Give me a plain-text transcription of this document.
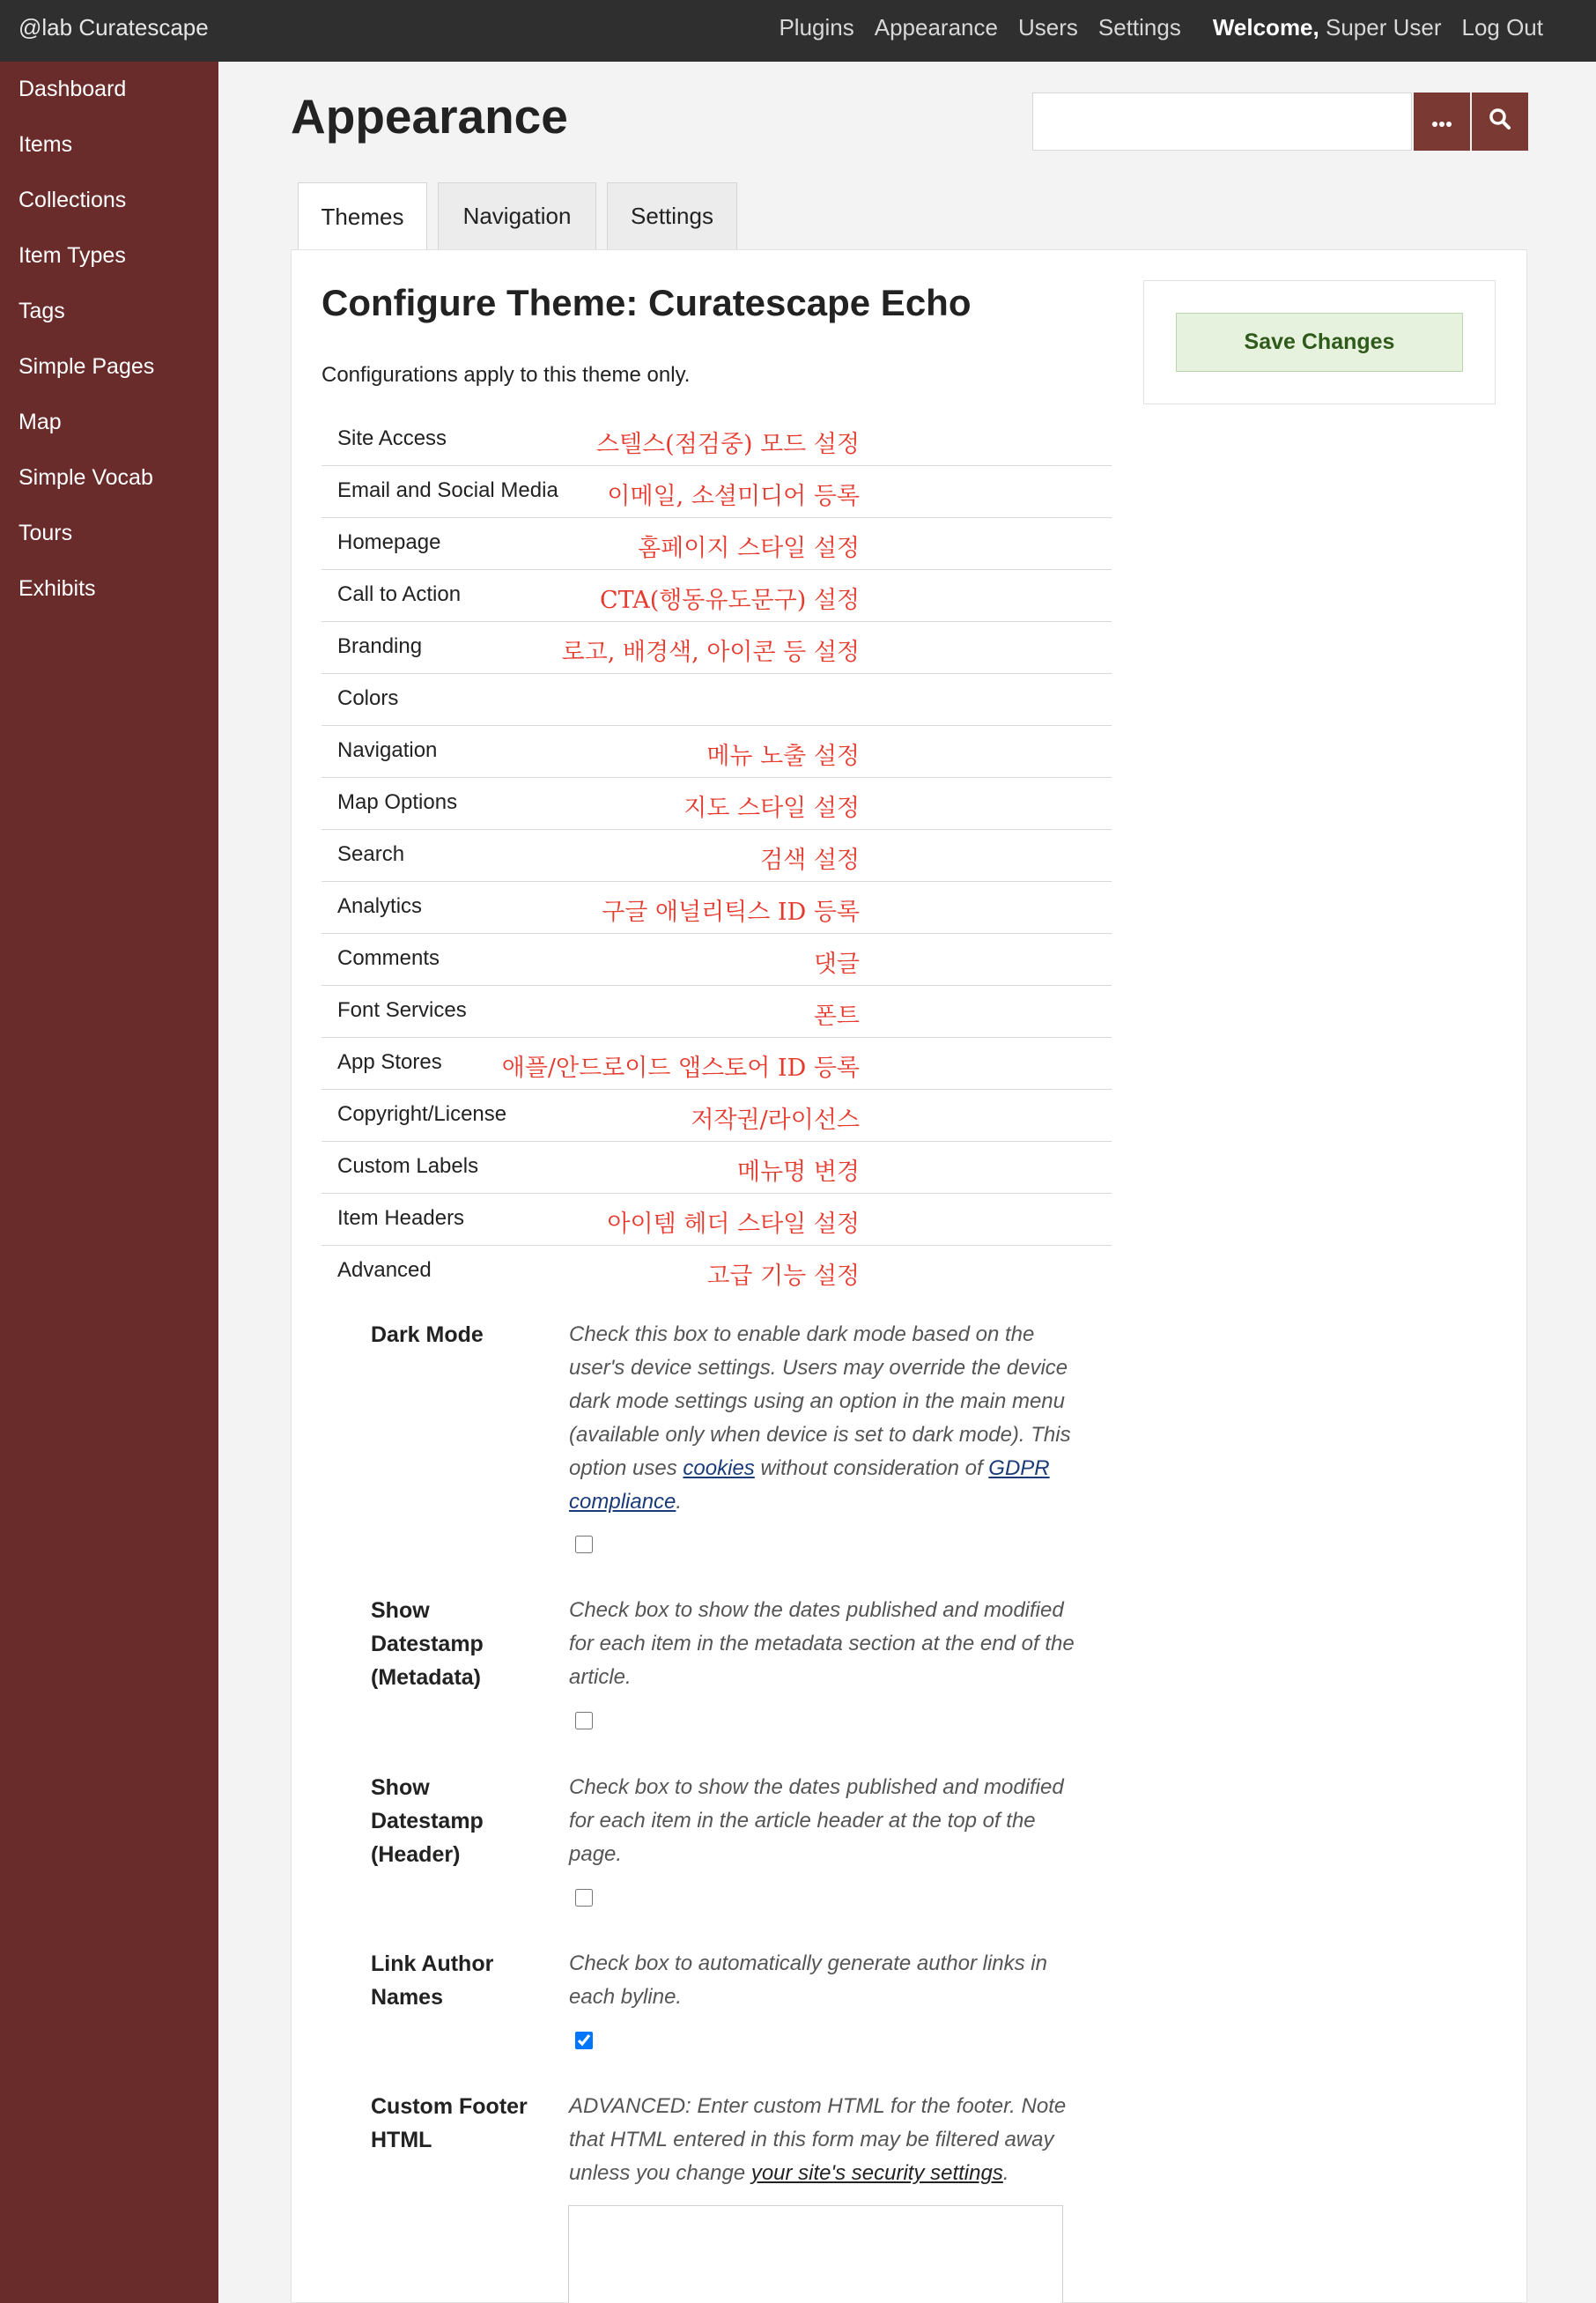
@lab Curatescape	Plugins Appearance Users Settings Welcome, Super User Log Out
Dashboard
Items
Collections
Item Types
Tags
Simple Pages
Map
Simple Vocab
Tours
Exhibits
Appearance
Themes	Navigation	Settings
Configure Theme: Curatescape Echo

Configurations apply to this theme only.

Site Access	스텔스(점검중) 모드 설정
Email and Social Media 이메일, 소셜미디어 등록
Homepage	홈페이지 스타일 설정
Call to Action	CTA(행동유도문구) 설정
Branding	로고, 배경색, 아이콘 등 설정
Colors
Navigation	메뉴 노출 설정
Map Options	지도 스타일 설정
Search	검색 설정
Analytics	구글 애널리틱스 ID 등록
Comments	댓글
Font Services	폰트
App Stores	애플/안드로이드 앱스토어 ID 등록
Copyright/License	저작권/라이선스
Custom Labels	메뉴명 변경
Item Headers	아이템 헤더 스타일 설정
Advanced	고급 기능 설정
Save Changes
Dark Mode	Check this box to enable dark mode based on the user's device settings. Users may override the device dark mode settings using an option in the main menu (available only when device is set to dark mode). This option uses cookies without consideration of GDPR compliance.
Show Datestamp (Metadata)
Check box to show the dates published and modified for each item in the metadata section at the end of the article.
Show Datestamp (Header)
Check box to show the dates published and modified for each item in the article header at the top of the page.
Link Author Names
Check box to automatically generate author links in each byline.
Custom Footer HTML
ADVANCED: Enter custom HTML for the footer. Note that HTML entered in this form may be filtered away unless you change your site's security settings.
